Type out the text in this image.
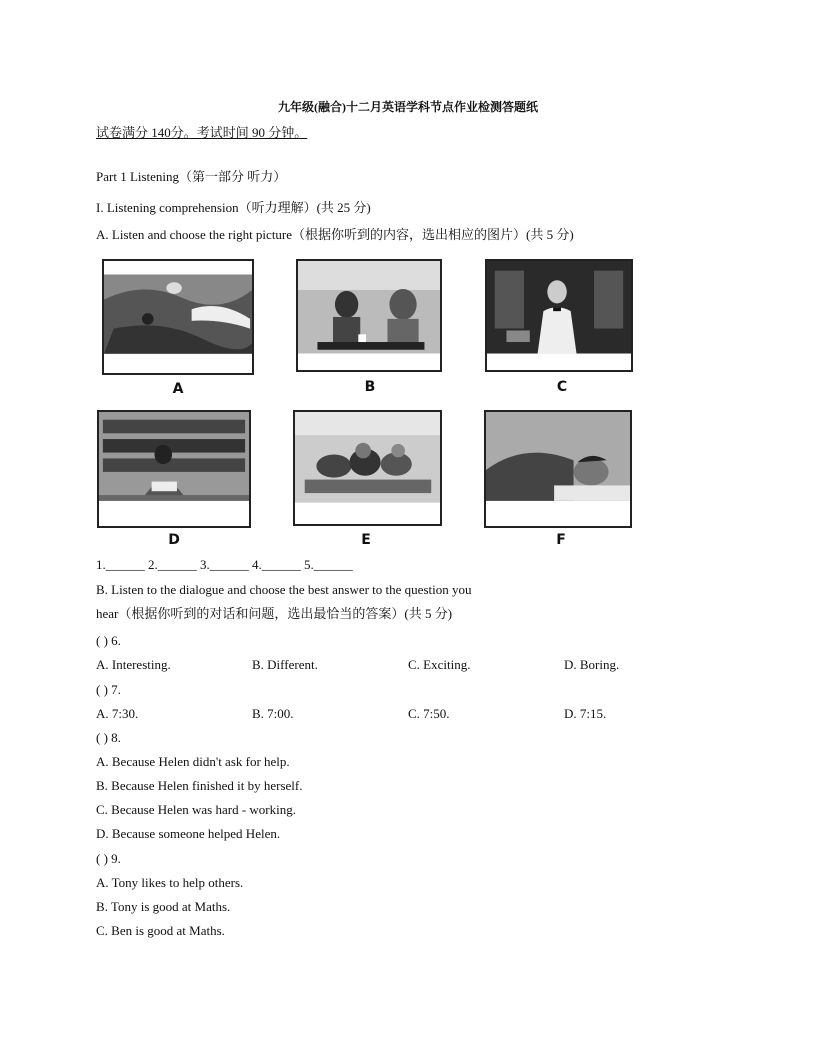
九年级(融合)十二月英语学科节点作业检测答题纸
试卷满分 140分。考试时间 90 分钟。
Part 1 Listening（第一部分 听力）
I. Listening comprehension（听力理解）(共 25 分)
A. Listen and choose the right picture（根据你听到的内容，选出相应的图片）(共 5 分)
A	B	C
D	E	F
1.______ 2.______ 3.______ 4.______ 5.______
B. Listen to the dialogue and choose the best answer to the question you
hear（根据你听到的对话和问题，选出最恰当的答案）(共 5 分)
( ) 6.
A. Interesting.	B. Different.	C. Exciting.	D. Boring.
( ) 7.
A. 7:30.	B. 7:00.	C. 7:50.	D. 7:15.
( ) 8.
A. Because Helen didn't ask for help.
B. Because Helen finished it by herself.
C. Because Helen was hard - working.
D. Because someone helped Helen.
( ) 9.
A. Tony likes to help others.
B. Tony is good at Maths.
C. Ben is good at Maths.
